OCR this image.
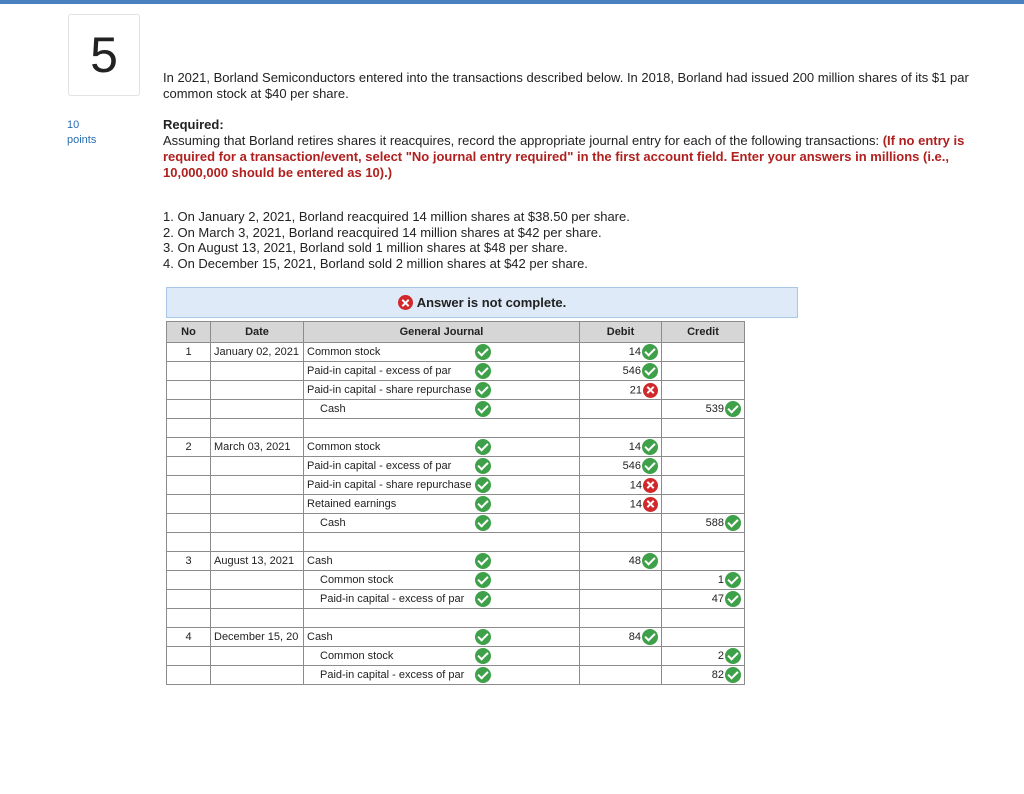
5
10
points
In 2021, Borland Semiconductors entered into the transactions described below. In 2018, Borland had issued 200 million shares of its $1 par common stock at $40 per share.
Required:
Assuming that Borland retires shares it reacquires, record the appropriate journal entry for each of the following transactions: (If no entry is required for a transaction/event, select "No journal entry required" in the first account field. Enter your answers in millions (i.e., 10,000,000 should be entered as 10).)
1. On January 2, 2021, Borland reacquired 14 million shares at $38.50 per share.
2. On March 3, 2021, Borland reacquired 14 million shares at $42 per share.
3. On August 13, 2021, Borland sold 1 million shares at $48 per share.
4. On December 15, 2021, Borland sold 2 million shares at $42 per share.
Answer is not complete.
No	Date	General Journal	Debit	Credit
1	January 02, 2021	Common stock	14	
		Paid-in capital - excess of par	546	
		Paid-in capital - share repurchase	21	
		Cash		539

2	March 03, 2021	Common stock	14	
		Paid-in capital - excess of par	546	
		Paid-in capital - share repurchase	14	
		Retained earnings	14	
		Cash		588

3	August 13, 2021	Cash	48	
		Common stock		1
		Paid-in capital - excess of par		47

4	December 15, 20	Cash	84	
		Common stock		2
		Paid-in capital - excess of par		82
